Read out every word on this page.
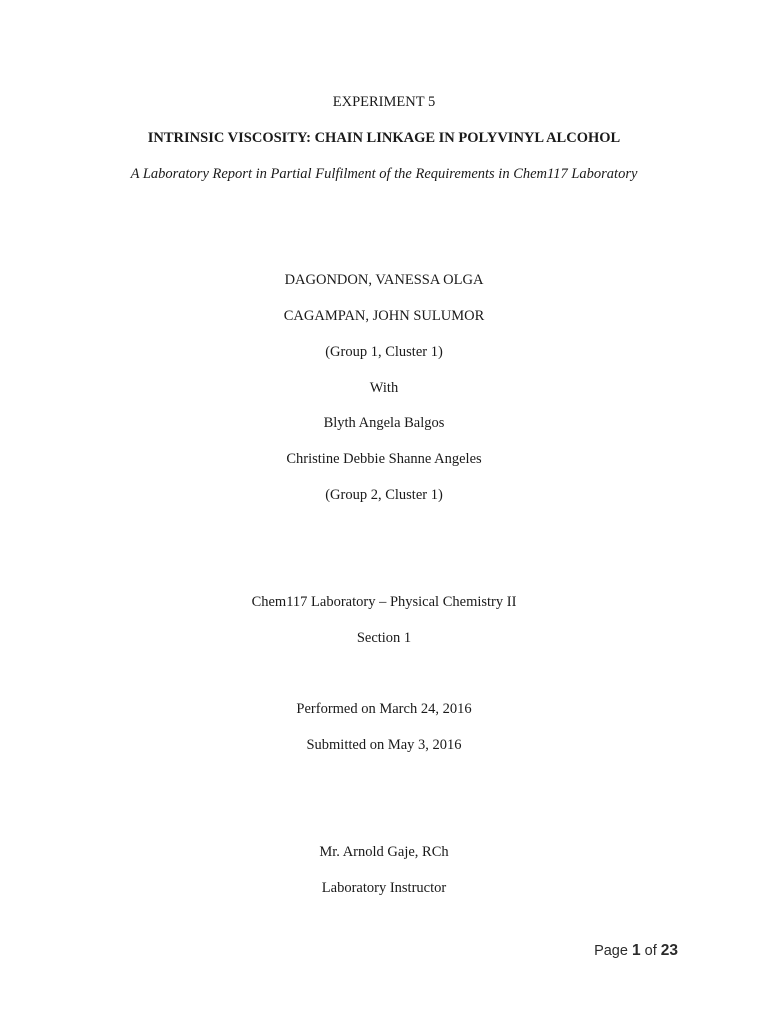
EXPERIMENT 5
INTRINSIC VISCOSITY: CHAIN LINKAGE IN POLYVINYL ALCOHOL
A Laboratory Report in Partial Fulfilment of the Requirements in Chem117 Laboratory
DAGONDON, VANESSA OLGA
CAGAMPAN, JOHN SULUMOR
(Group 1, Cluster 1)
With
Blyth Angela Balgos
Christine Debbie Shanne Angeles
(Group 2, Cluster 1)
Chem117 Laboratory – Physical Chemistry II
Section 1
Performed on March 24, 2016
Submitted on May 3, 2016
Mr. Arnold Gaje, RCh
Laboratory Instructor
Page 1 of 23
